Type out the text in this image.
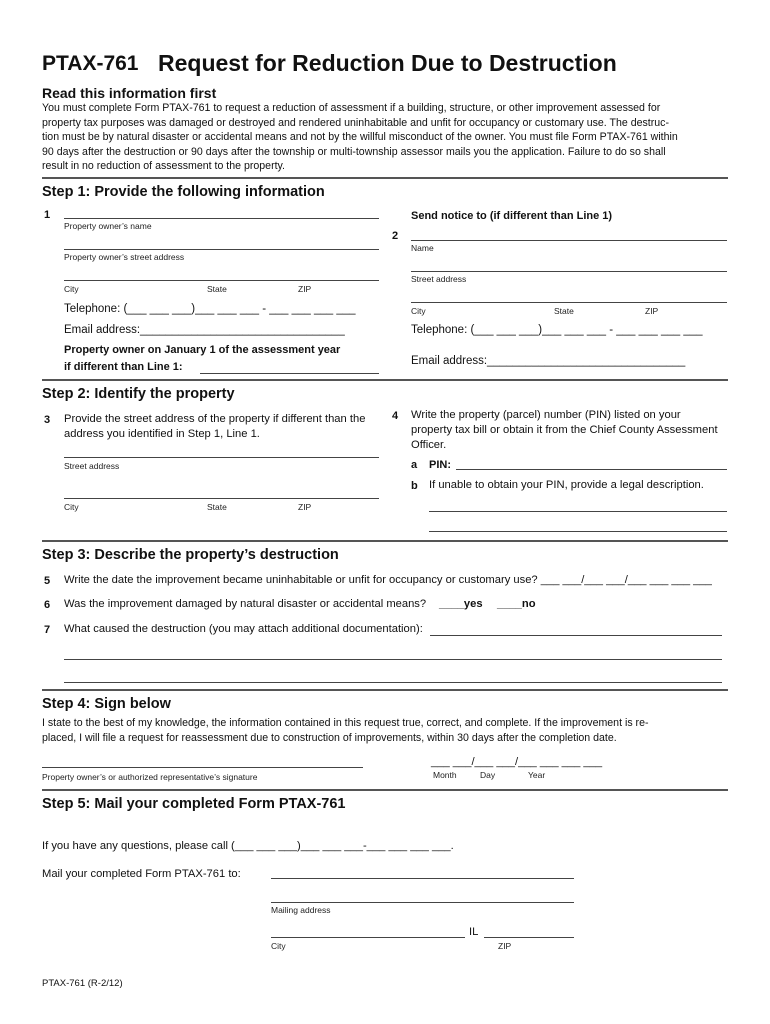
PTAX-761 Request for Reduction Due to Destruction
Read this information first
You must complete Form PTAX-761 to request a reduction of assessment if a building, structure, or other improvement assessed for
property tax purposes was damaged or destroyed and rendered uninhabitable and unfit for occupancy or customary use. The destruc-
tion must be by natural disaster or accidental means and not by the willful misconduct of the owner. You must file Form PTAX-761 within
90 days after the destruction or 90 days after the township or multi-township assessor mails you the application. Failure to do so shall
result in no reduction of assessment to the property.
Step 1: Provide the following information
1
Property owner’s name
Property owner’s street address
City	State	ZIP
Telephone: (___ ___ ___)___ ___ ___ - ___ ___ ___ ___
Email address:________________________________
Property owner on January 1 of the assessment year
if different than Line 1:
Send notice to (if different than Line 1)
2
Name
Street address
City	State	ZIP
Telephone: (___ ___ ___)___ ___ ___ - ___ ___ ___ ___
Email address:_______________________________
Step 2: Identify the property
3 Provide the street address of the property if different than the
address you identified in Step 1, Line 1.
Street address
City	State	ZIP
4 Write the property (parcel) number (PIN) listed on your
property tax bill or obtain it from the Chief County Assessment
Officer.
a PIN:
b If unable to obtain your PIN, provide a legal description.
Step 3: Describe the property’s destruction
5 Write the date the improvement became uninhabitable or unfit for occupancy or customary use? ___ ___/___ ___/___ ___ ___ ___
6 Was the improvement damaged by natural disaster or accidental means? ____yes ____no
7 What caused the destruction (you may attach additional documentation):
Step 4: Sign below
I state to the best of my knowledge, the information contained in this request true, correct, and complete. If the improvement is re-
placed, I will file a request for reassessment due to construction of improvements, within 30 days after the completion date.
Property owner’s or authorized representative’s signature
___ ___/___ ___/___ ___ ___ ___
Month	Day	Year
Step 5: Mail your completed Form PTAX-761
If you have any questions, please call (___ ___ ___)___ ___ ___-___ ___ ___ ___.
Mail your completed Form PTAX-761 to:
Mailing address
IL
City	ZIP
PTAX-761 (R-2/12)
